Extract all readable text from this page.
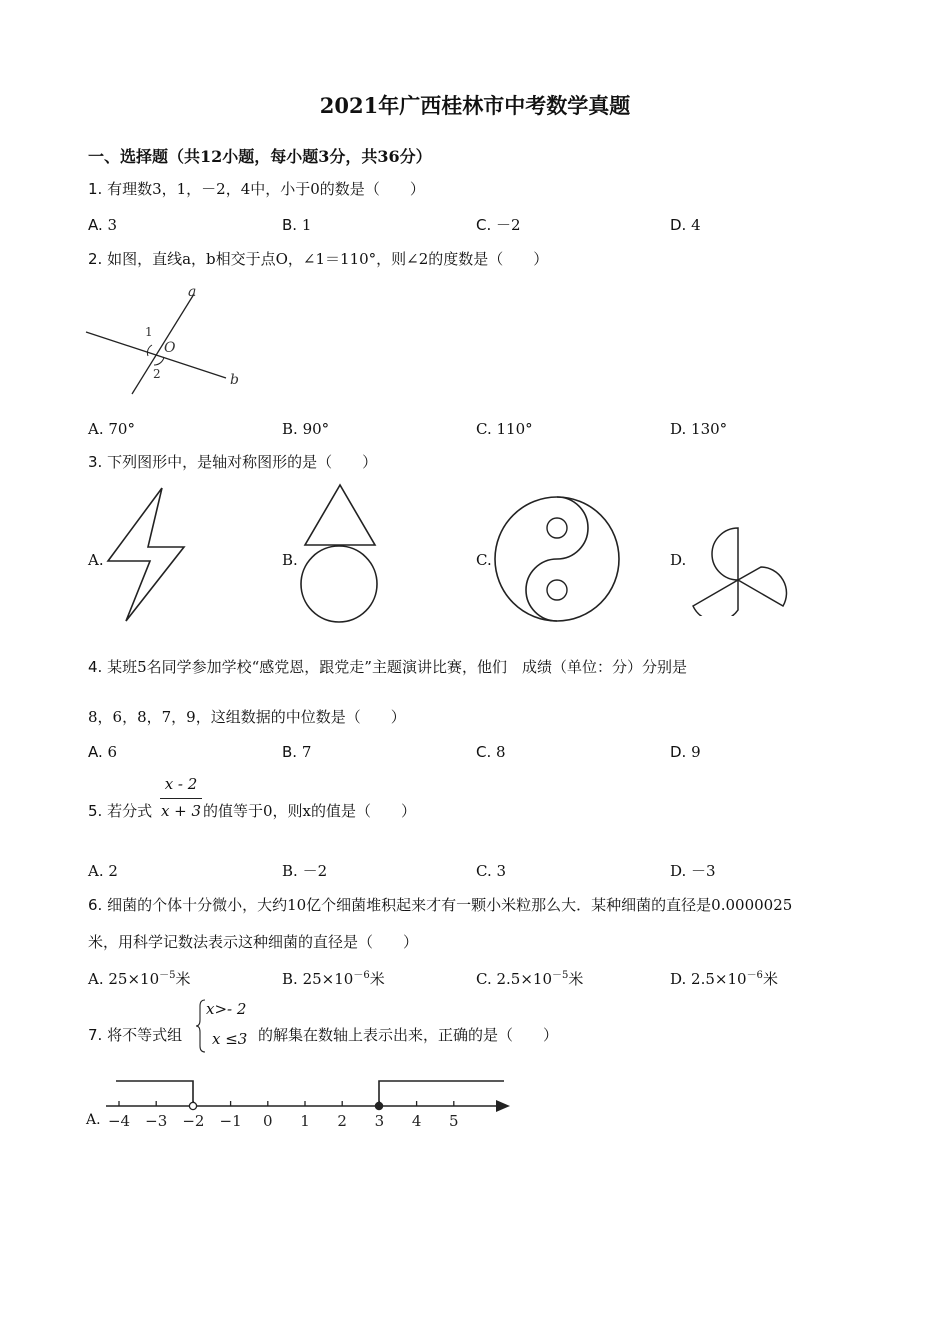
2021年广西桂林市中考数学真题
一、选择题（共12小题，每小题3分，共36分）
1. 有理数3，1，－2，4中，小于0的数是（　　）
A. 3	B. 1	C. －2	D. 4
2. 如图，直线a，b相交于点O，∠1＝110°，则∠2的度数是（　　）
a
b
O
1
2
A. 70°	B. 90°	C. 110°	D. 130°
3. 下列图形中，是轴对称图形的是（　　）
A.	B.	C.	D.
4. 某班5名同学参加学校“感党恩，跟党走”主题演讲比赛，他们　成绩（单位：分）分别是
8，6，8，7，9，这组数据的中位数是（　　）
A. 6	B. 7	C. 8	D. 9
5. 若分式
x - 2
x + 3 的值等于0，则x的值是（　　）
A. 2	B. －2	C. 3	D. －3
6. 细菌的个体十分微小，大约10亿个细菌堆积起来才有一颗小米粒那么大．某种细菌的直径是0.0000025
米，用科学记数法表示这种细菌的直径是（　　）
A. $25\times 10^{-5}$米	B. $25\times 10^{-6}$米	C. $2.5\times 10^{-5}$米	D. $2.5\times 10^{-6}$米
7. 将不等式组
x>- 2
x ≤3 的解集在数轴上表示出来，正确的是（　　）
A. −4 −3 −2 −1 0 1 2 3 4 5
